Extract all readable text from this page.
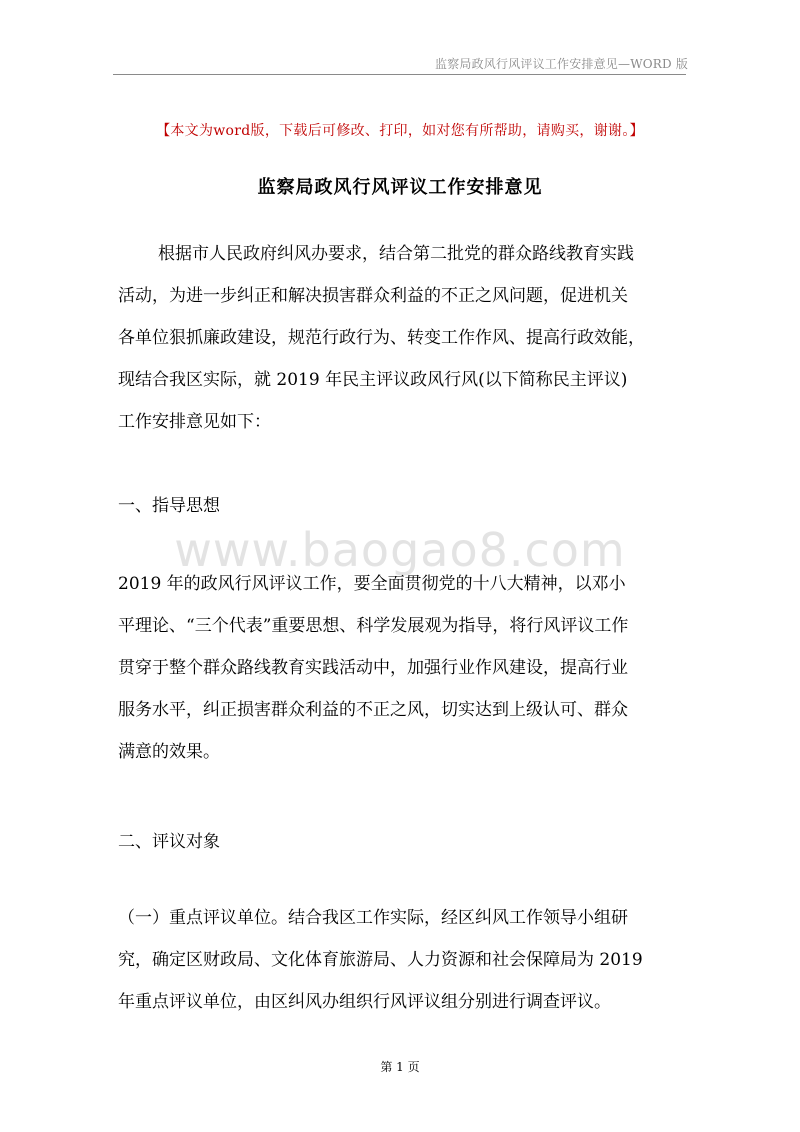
监察局政风行风评议工作安排意见—WORD 版
【本文为word版，下载后可修改、打印，如对您有所帮助，请购买，谢谢。】
监察局政风行风评议工作安排意见
根据市人民政府纠风办要求，结合第二批党的群众路线教育实践
活动，为进一步纠正和解决损害群众利益的不正之风问题，促进机关
各单位狠抓廉政建设，规范行政行为、转变工作作风、提高行政效能，
现结合我区实际，就 2019 年民主评议政风行风(以下简称民主评议)
工作安排意见如下：
一、指导思想
www.baogao8.com
2019 年的政风行风评议工作，要全面贯彻党的十八大精神，以邓小
平理论、“三个代表”重要思想、科学发展观为指导，将行风评议工作
贯穿于整个群众路线教育实践活动中，加强行业作风建设，提高行业
服务水平，纠正损害群众利益的不正之风，切实达到上级认可、群众
满意的效果。
二、评议对象
（一）重点评议单位。结合我区工作实际，经区纠风工作领导小组研
究，确定区财政局、文化体育旅游局、人力资源和社会保障局为 2019
年重点评议单位，由区纠风办组织行风评议组分别进行调查评议。
第 1 页
